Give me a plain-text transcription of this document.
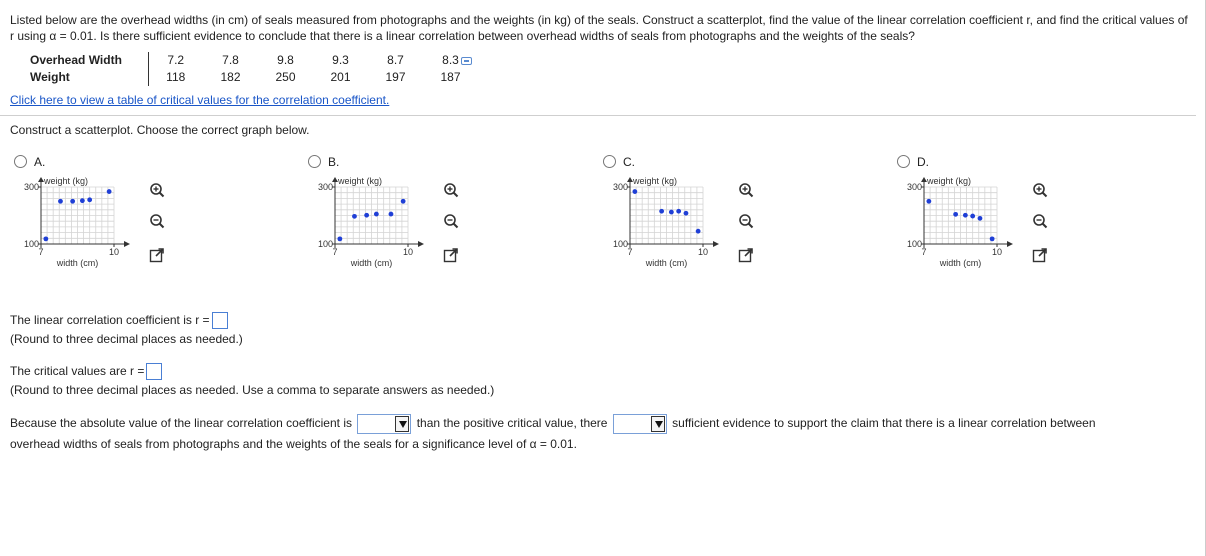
Listed below are the overhead widths (in cm) of seals measured from photographs and the weights (in kg) of the seals. Construct a scatterplot, find the value of the linear correlation coefficient r, and find the critical values of r using α = 0.01. Is there sufficient evidence to conclude that there is a linear correlation between overhead widths of seals from photographs and the weights of the seals?
Overhead Width	7.2	7.8	9.8	9.3	8.7	8.3
Weight	118	182	250	201	197	187
Click here to view a table of critical values for the correlation coefficient.
Construct a scatterplot. Choose the correct graph below.
A.
weight (kg)
300
100
7	10
width (cm)
B.
weight (kg)
300
100
7	10
width (cm)
C.
weight (kg)
300
100
7	10
width (cm)
D.
weight (kg)
300
100
7	10
width (cm)
The linear correlation coefficient is r =
(Round to three decimal places as needed.)
The critical values are r =
(Round to three decimal places as needed. Use a comma to separate answers as needed.)
Because the absolute value of the linear correlation coefficient is	than the positive critical value, there	sufficient evidence to support the claim that there is a linear correlation between
overhead widths of seals from photographs and the weights of the seals for a significance level of α = 0.01.
